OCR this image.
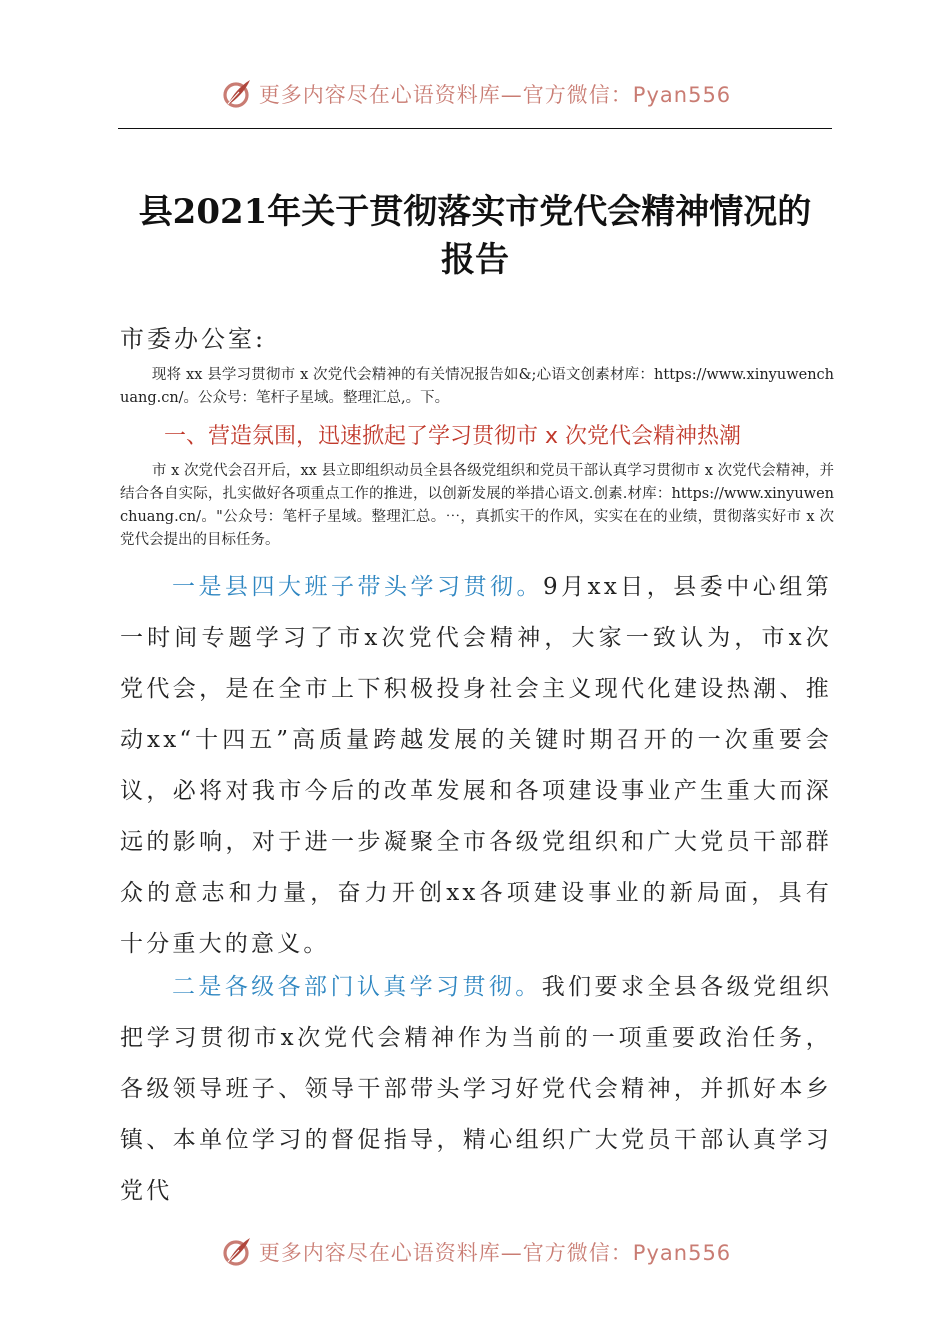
更多内容尽在心语资料库—官方微信：Pyan556
县2021年关于贯彻落实市党代会精神情况的
报告
市委办公室:

现将 xx 县学习贯彻市 x 次党代会精神的有关情况报告如&;心语文创素材库：https://www.xinyuwenchuang.cn/。公众号：笔杆子星域。整理汇总,。下。

一、营造氛围，迅速掀起了学习贯彻市 x 次党代会精神热潮

市 x 次党代会召开后，xx 县立即组织动员全县各级党组织和党员干部认真学习贯彻市 x 次党代会精神，并结合各自实际，扎实做好各项重点工作的推进，以创新发展的举措心语文.创素.材库：https://www.xinyuwenchuang.cn/。"公众号：笔杆子星域。整理汇总。⋯，真抓实干的作风，实实在在的业绩，贯彻落实好市 x 次党代会提出的目标任务。

一是县四大班子带头学习贯彻。9月xx日，县委中心组第一时间专题学习了市x次党代会精神，大家一致认为，市x次党代会，是在全市上下积极投身社会主义现代化建设热潮、推动xx“十四五”高质量跨越发展的关键时期召开的一次重要会议，必将对我市今后的改革发展和各项建设事业产生重大而深远的影响，对于进一步凝聚全市各级党组织和广大党员干部群众的意志和力量，奋力开创xx各项建设事业的新局面，具有十分重大的意义。

二是各级各部门认真学习贯彻。我们要求全县各级党组织把学习贯彻市x次党代会精神作为当前的一项重要政治任务，各级领导班子、领导干部带头学习好党代会精神，并抓好本乡镇、本单位学习的督促指导，精心组织广大党员干部认真学习党代

更多内容尽在心语资料库—官方微信：Pyan556
